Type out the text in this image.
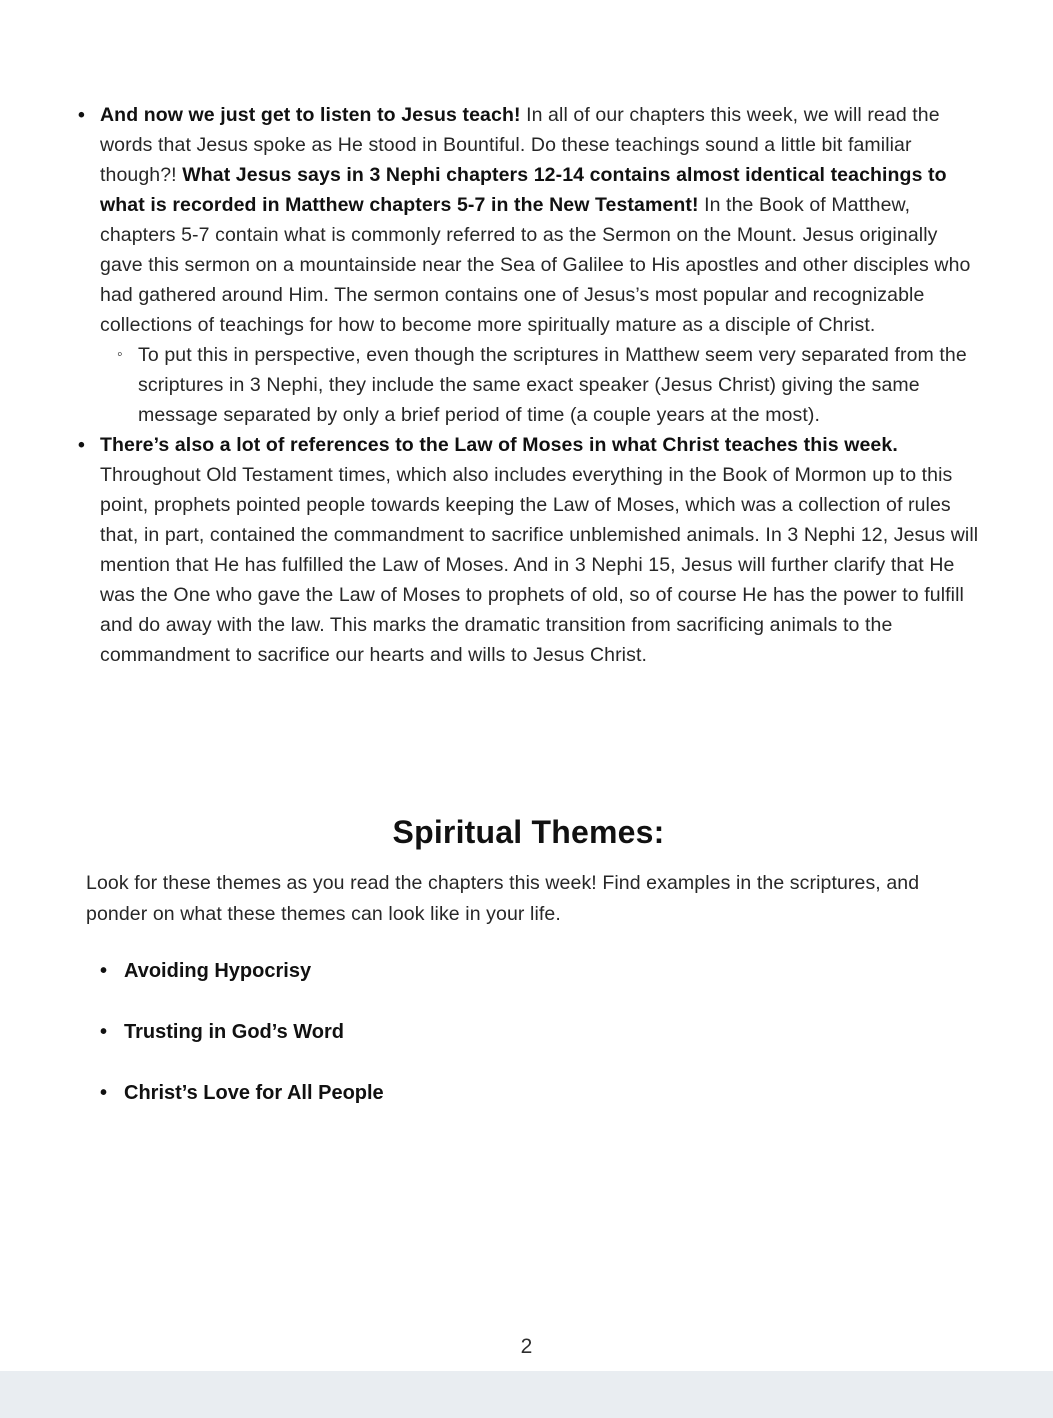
• And now we just get to listen to Jesus teach! In all of our chapters this week, we will read the words that Jesus spoke as He stood in Bountiful. Do these teachings sound a little bit familiar though?! What Jesus says in 3 Nephi chapters 12-14 contains almost identical teachings to what is recorded in Matthew chapters 5-7 in the New Testament! In the Book of Matthew, chapters 5-7 contain what is commonly referred to as the Sermon on the Mount. Jesus originally gave this sermon on a mountainside near the Sea of Galilee to His apostles and other disciples who had gathered around Him. The sermon contains one of Jesus’s most popular and recognizable collections of teachings for how to become more spiritually mature as a disciple of Christ.
◦ To put this in perspective, even though the scriptures in Matthew seem very separated from the scriptures in 3 Nephi, they include the same exact speaker (Jesus Christ) giving the same message separated by only a brief period of time (a couple years at the most).
• There’s also a lot of references to the Law of Moses in what Christ teaches this week. Throughout Old Testament times, which also includes everything in the Book of Mormon up to this point, prophets pointed people towards keeping the Law of Moses, which was a collection of rules that, in part, contained the commandment to sacrifice unblemished animals. In 3 Nephi 12, Jesus will mention that He has fulfilled the Law of Moses. And in 3 Nephi 15, Jesus will further clarify that He was the One who gave the Law of Moses to prophets of old, so of course He has the power to fulfill and do away with the law. This marks the dramatic transition from sacrificing animals to the commandment to sacrifice our hearts and wills to Jesus Christ.
Spiritual Themes:

Look for these themes as you read the chapters this week! Find examples in the scriptures, and ponder on what these themes can look like in your life.

• Avoiding Hypocrisy
• Trusting in God’s Word
• Christ’s Love for All People
2
